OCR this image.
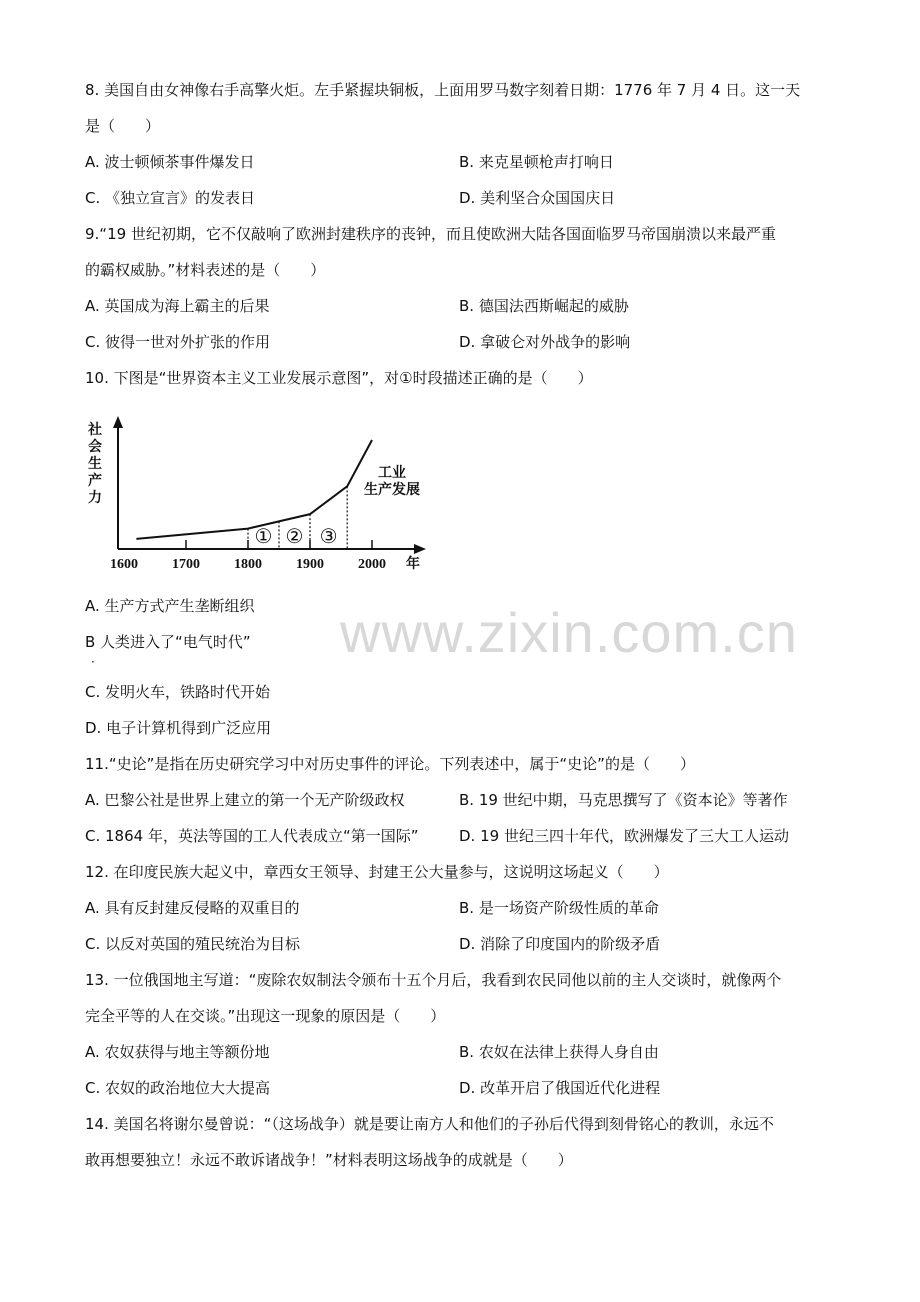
www.zixin.com.cn
8. 美国自由女神像右手高擎火炬。左手紧握块铜板，上面用罗马数字刻着日期：1776 年 7 月 4 日。这一天
是（　　）
A. 波士顿倾茶事件爆发日	B. 来克星顿枪声打响日
C. 《独立宣言》的发表日	D. 美利坚合众国国庆日
9.“19 世纪初期，它不仅敲响了欧洲封建秩序的丧钟，而且使欧洲大陆各国面临罗马帝国崩溃以来最严重
的霸权威胁。”材料表述的是（　　）
A. 英国成为海上霸主的后果	B. 德国法西斯崛起的威胁
C. 彼得一世对外扩张的作用	D. 拿破仑对外战争的影响
10. 下图是“世界资本主义工业发展示意图”，对①时段描述正确的是（　　）
社
会
生
产
力
1600 1700 1800 1900 2000 年
① ② ③
工业
生产发展
A. 生产方式产生垄断组织
B 人类进入了“电气时代”
·
C. 发明火车，铁路时代开始
D. 电子计算机得到广泛应用
11.“史论”是指在历史研究学习中对历史事件的评论。下列表述中，属于“史论”的是（　　）
A. 巴黎公社是世界上建立的第一个无产阶级政权	B. 19 世纪中期，马克思撰写了《资本论》等著作
C. 1864 年，英法等国的工人代表成立“第一国际”	D. 19 世纪三四十年代，欧洲爆发了三大工人运动
12. 在印度民族大起义中，章西女王领导、封建王公大量参与，这说明这场起义（　　）
A. 具有反封建反侵略的双重目的	B. 是一场资产阶级性质的革命
C. 以反对英国的殖民统治为目标	D. 消除了印度国内的阶级矛盾
13. 一位俄国地主写道：“废除农奴制法令颁布十五个月后，我看到农民同他以前的主人交谈时，就像两个
完全平等的人在交谈。”出现这一现象的原因是（　　）
A. 农奴获得与地主等额份地	B. 农奴在法律上获得人身自由
C. 农奴的政治地位大大提高	D. 改革开启了俄国近代化进程
14. 美国名将谢尔曼曾说：“（这场战争）就是要让南方人和他们的子孙后代得到刻骨铭心的教训，永远不
敢再想要独立！永远不敢诉诸战争！”材料表明这场战争的成就是（　　）
